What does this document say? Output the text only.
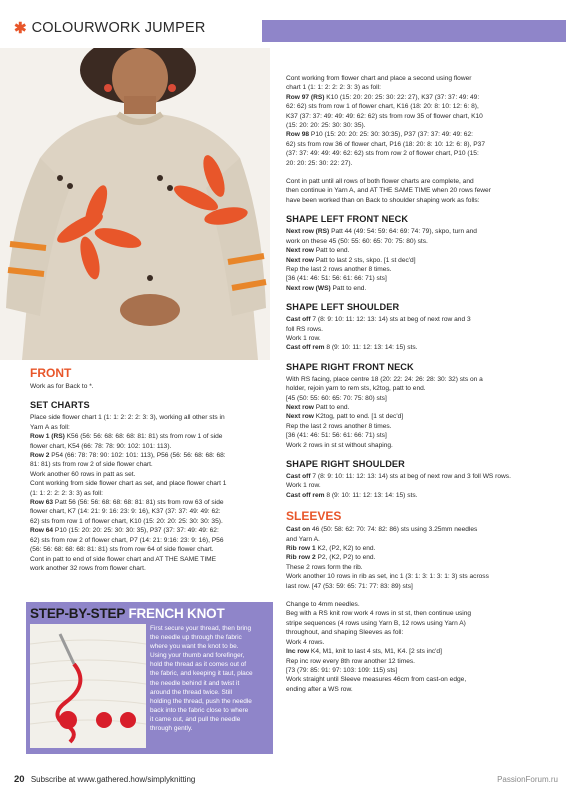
✱ COLOURWORK JUMPER
FRONT

Work as for Back to *.

SET CHARTS

Place side flower chart 1 (1: 1: 2: 2: 2: 3: 3), working all other sts in

Yarn A as foll:

Row 1 (RS) K56 (56: 56: 68: 68: 68: 81: 81) sts from row 1 of side

flower chart, K54 (66: 78: 78: 90: 102: 101: 113).

Row 2 P54 (66: 78: 78: 90: 102: 101: 113), P56 (56: 56: 68: 68: 68:

81: 81) sts from row 2 of side flower chart.

Work another 60 rows in patt as set.

Cont working from side flower chart as set, and place flower chart 1

(1: 1: 2: 2: 2: 3: 3) as foll:

Row 63 Patt 56 (56: 56: 68: 68: 68: 81: 81) sts from row 63 of side

flower chart, K7 (14: 21: 9: 16: 23: 9: 16), K37 (37: 37: 49: 49: 62:

62) sts from row 1 of flower chart, K10 (15: 20: 20: 25: 30: 30: 35).

Row 64 P10 (15: 20: 20: 25: 30: 30: 35), P37 (37: 37: 49: 49: 62:

62) sts from row 2 of flower chart, P7 (14: 21: 9:16: 23: 9: 16), P56

(56: 56: 68: 68: 68: 81: 81) sts from row 64 of side flower chart.

Cont in patt to end of side flower chart and AT THE SAME TIME

work another 32 rows from flower chart.

STEP-BY-STEP FRENCH KNOT

First secure your thread, then bring

the needle up through the fabric

where you want the knot to be.

Using your thumb and forefinger,

hold the thread as it comes out of

the fabric, and keeping it taut, place

the needle behind it and twist it

around the thread twice. Still

holding the thread, push the needle

back into the fabric close to where

it came out, and pull the needle

through gently.

Cont working from flower chart and place a second using flower

chart 1 (1: 1: 2: 2: 2: 3: 3) as foll:

Row 97 (RS) K10 (15: 20: 20: 25: 30: 22: 27), K37 (37: 37: 49: 49:

62: 62) sts from row 1 of flower chart, K16 (18: 20: 8: 10: 12: 6: 8),

K37 (37: 37: 49: 49: 49: 62: 62) sts from row 35 of flower chart, K10

(15: 20: 20: 25: 30: 30: 35).

Row 98 P10 (15: 20: 20: 25: 30: 30:35), P37 (37: 37: 49: 49: 62:

62) sts from row 36 of flower chart, P16 (18: 20: 8: 10: 12: 6: 8), P37

(37: 37: 49: 49: 49: 62: 62) sts from row 2 of flower chart, P10 (15:

20: 20: 25: 30: 22: 27).

Cont in patt until all rows of both flower charts are complete, and

then continue in Yarn A, and AT THE SAME TIME when 20 rows fewer

have been worked than on Back to shoulder shaping work as folls:

SHAPE LEFT FRONT NECK

Next row (RS) Patt 44 (49: 54: 59: 64: 69: 74: 79), skpo, turn and

work on these 45 (50: 55: 60: 65: 70: 75: 80) sts.

Next row Patt to end.

Next row Patt to last 2 sts, skpo. [1 st dec'd]

Rep the last 2 rows another 8 times.

[36 (41: 46: 51: 56: 61: 66: 71) sts]

Next row (WS) Patt to end.

SHAPE LEFT SHOULDER

Cast off 7 (8: 9: 10: 11: 12: 13: 14) sts at beg of next row and 3

foll RS rows.

Work 1 row.

Cast off rem 8 (9: 10: 11: 12: 13: 14: 15) sts.

SHAPE RIGHT FRONT NECK

With RS facing, place centre 18 (20: 22: 24: 26: 28: 30: 32) sts on a

holder, rejoin yarn to rem sts, k2tog, patt to end.

[45 (50: 55: 60: 65: 70: 75: 80) sts]

Next row Patt to end.

Next row K2tog, patt to end. [1 st dec'd]

Rep the last 2 rows another 8 times.

[36 (41: 46: 51: 56: 61: 66: 71) sts]

Work 2 rows in st st without shaping.

SHAPE RIGHT SHOULDER

Cast off 7 (8: 9: 10: 11: 12: 13: 14) sts at beg of next row and 3 foll WS rows.

Work 1 row.

Cast off rem 8 (9: 10: 11: 12: 13: 14: 15) sts.

SLEEVES

Cast on 46 (50: 58: 62: 70: 74: 82: 86) sts using 3.25mm needles

and Yarn A.

Rib row 1 K2, (P2, K2) to end.

Rib row 2 P2, (K2, P2) to end.

These 2 rows form the rib.

Work another 10 rows in rib as set, inc 1 (3: 1: 3: 1: 3: 1: 3) sts across

last row. [47 (53: 59: 65: 71: 77: 83: 89) sts]

Change to 4mm needles.

Beg with a RS knit row work 4 rows in st st, then continue using

stripe sequences (4 rows using Yarn B, 12 rows using Yarn A)

throughout, and shaping Sleeves as foll:

Work 4 rows.

Inc row K4, M1, knit to last 4 sts, M1, K4. [2 sts inc'd]

Rep inc row every 8th row another 12 times.

[73 (79: 85: 91: 97: 103: 109: 115) sts]

Work straight until Sleeve measures 46cm from cast-on edge,

ending after a WS row.

20 Subscribe at www.gathered.how/simplyknitting	PassionForum.ru
